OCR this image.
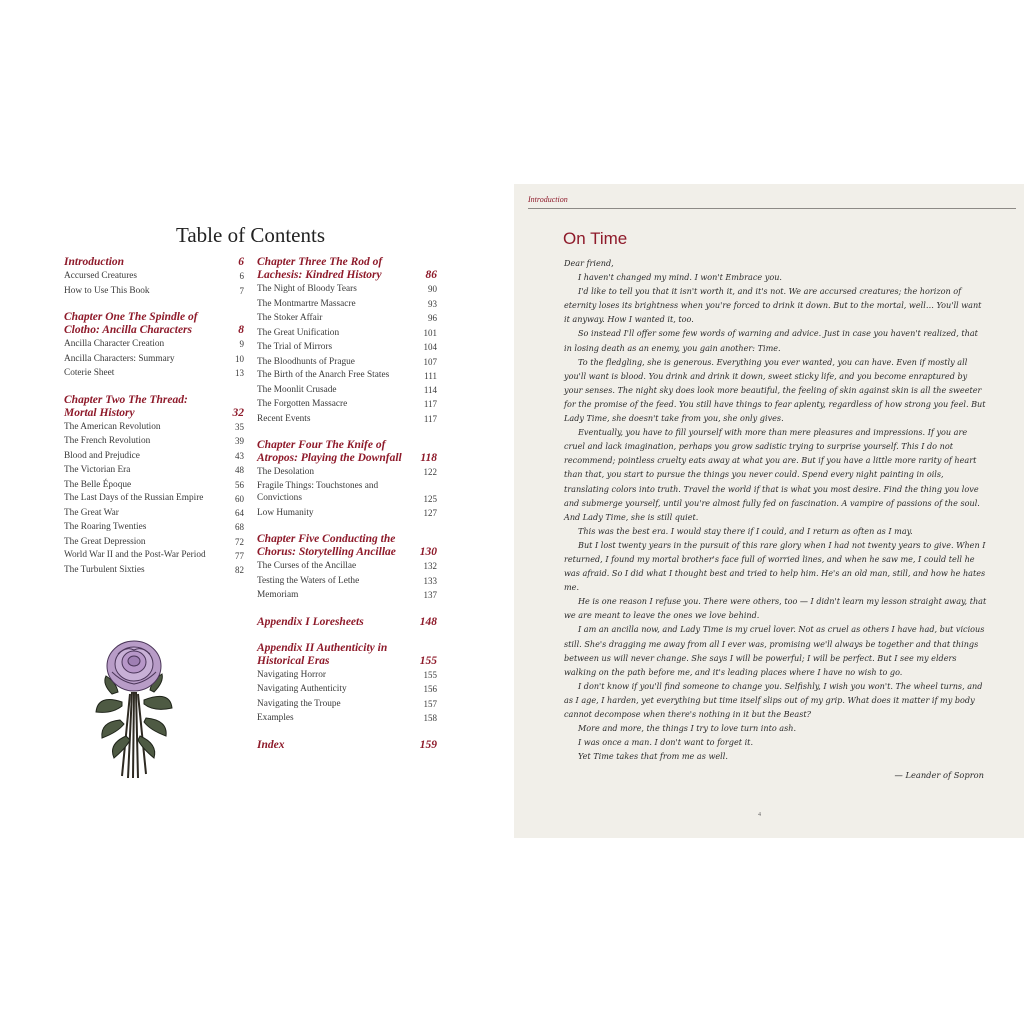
Table of Contents
Introduction	6
Accursed Creatures	6
How to Use This Book	7
Chapter One The Spindle of Clotho: Ancilla Characters	8
Ancilla Character Creation	9
Ancilla Characters: Summary	10
Coterie Sheet	13
Chapter Two The Thread: Mortal History	32
The American Revolution	35
The French Revolution	39
Blood and Prejudice	43
The Victorian Era	48
The Belle Époque	56
The Last Days of the Russian Empire	60
The Great War	64
The Roaring Twenties	68
The Great Depression	72
World War II and the Post-War Period	77
The Turbulent Sixties	82
Chapter Three The Rod of Lachesis: Kindred History	86
The Night of Bloody Tears	90
The Montmartre Massacre	93
The Stoker Affair	96
The Great Unification	101
The Trial of Mirrors	104
The Bloodhunts of Prague	107
The Birth of the Anarch Free States	111
The Moonlit Crusade	114
The Forgotten Massacre	117
Recent Events	117
Chapter Four The Knife of Atropos: Playing the Downfall 118
The Desolation	122
Fragile Things: Touchstones and Convictions	125
Low Humanity	127
Chapter Five Conducting the Chorus: Storytelling Ancillae 130
The Curses of the Ancillae	132
Testing the Waters of Lethe	133
Memoriam	137
Appendix I Loresheets	148
Appendix II Authenticity in Historical Eras	155
Navigating Horror	155
Navigating Authenticity	156
Navigating the Troupe	157
Examples	158
Index	159
Introduction
On Time

Dear friend,

I haven't changed my mind. I won't Embrace you.

I'd like to tell you that it isn't worth it, and it's not. We are accursed creatures; the horizon of eternity loses its brightness when you're forced to drink it down. But to the mortal, well… You'll want it anyway. How I wanted it, too.

So instead I'll offer some few words of warning and advice. Just in case you haven't realized, that in losing death as an enemy, you gain another: Time.

To the fledgling, she is generous. Everything you ever wanted, you can have. Even if mostly all you'll want is blood. You drink and drink it down, sweet sticky life, and you become enraptured by your senses. The night sky does look more beautiful, the feeling of skin against skin is all the sweeter for the promise of the feed. You still have things to fear aplenty, regardless of how strong you feel. But Lady Time, she doesn't take from you, she only gives.

Eventually, you have to fill yourself with more than mere pleasures and impressions. If you are cruel and lack imagination, perhaps you grow sadistic trying to surprise yourself. This I do not recommend; pointless cruelty eats away at what you are. But if you have a little more rarity of heart than that, you start to pursue the things you never could. Spend every night painting in oils, translating colors into truth. Travel the world if that is what you most desire. Find the thing you love and submerge yourself, until you're almost fully fed on fascination. A vampire of passions of the soul. And Lady Time, she is still quiet.

This was the best era. I would stay there if I could, and I return as often as I may.

But I lost twenty years in the pursuit of this rare glory when I had not twenty years to give. When I returned, I found my mortal brother's face full of worried lines, and when he saw me, I could tell he was afraid. So I did what I thought best and tried to help him. He's an old man, still, and how he hates me.

He is one reason I refuse you. There were others, too — I didn't learn my lesson straight away, that we are meant to leave the ones we love behind.

I am an ancilla now, and Lady Time is my cruel lover. Not as cruel as others I have had, but vicious still. She's dragging me away from all I ever was, promising we'll always be together and that things between us will never change. She says I will be powerful; I will be perfect. But I see my elders walking on the path before me, and it's leading places where I have no wish to go.

I don't know if you'll find someone to change you. Selfishly, I wish you won't. The wheel turns, and as I age, I harden, yet everything but time itself slips out of my grip. What does it matter if my body cannot decompose when there's nothing in it but the Beast?

More and more, the things I try to love turn into ash.

I was once a man. I don't want to forget it.

Yet Time takes that from me as well.

— Leander of Sopron
4
